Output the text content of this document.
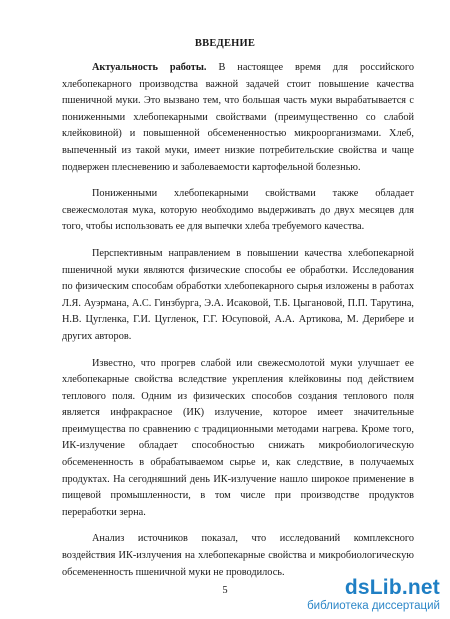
ВВЕДЕНИЕ

Актуальность работы. В настоящее время для российского хлебопекарного производства важной задачей стоит повышение качества пшеничной муки. Это вызвано тем, что большая часть муки вырабатывается с пониженными хлебопекарными свойствами (преимущественно со слабой клейковиной) и повышенной обсемененностью микроорганизмами. Хлеб, выпеченный из такой муки, имеет низкие потребительские свойства и чаще подвержен плесневению и заболеваемости картофельной болезнью.

Пониженными хлебопекарными свойствами также обладает свежесмолотая мука, которую необходимо выдерживать до двух месяцев для того, чтобы использовать ее для выпечки хлеба требуемого качества.

Перспективным направлением в повышении качества хлебопекарной пшеничной муки являются физические способы ее обработки. Исследования по физическим способам обработки хлебопекарного сырья изложены в работах Л.Я. Ауэрмана, А.С. Гинзбурга, Э.А. Исаковой, Т.Б. Цыгановой, П.П. Тарутина, Н.В. Цугленка, Г.И. Цугленок, Г.Г. Юсуповой, А.А. Артикова, М. Дерибере и других авторов.

Известно, что прогрев слабой или свежесмолотой муки улучшает ее хлебопекарные свойства вследствие укрепления клейковины под действием теплового поля. Одним из физических способов создания теплового поля является инфракрасное (ИК) излучение, которое имеет значительные преимущества по сравнению с традиционными методами нагрева. Кроме того, ИК-излучение обладает способностью снижать микробиологическую обсемененность в обрабатываемом сырье и, как следствие, в получаемых продуктах. На сегодняшний день ИК-излучение нашло широкое применение в пищевой промышленности, в том числе при производстве продуктов переработки зерна.

Анализ источников показал, что исследований комплексного воздействия ИК-излучения на хлебопекарные свойства и микробиологическую обсемененность пшеничной муки не проводилось.

5	dsLib.net
библиотека диссертаций
